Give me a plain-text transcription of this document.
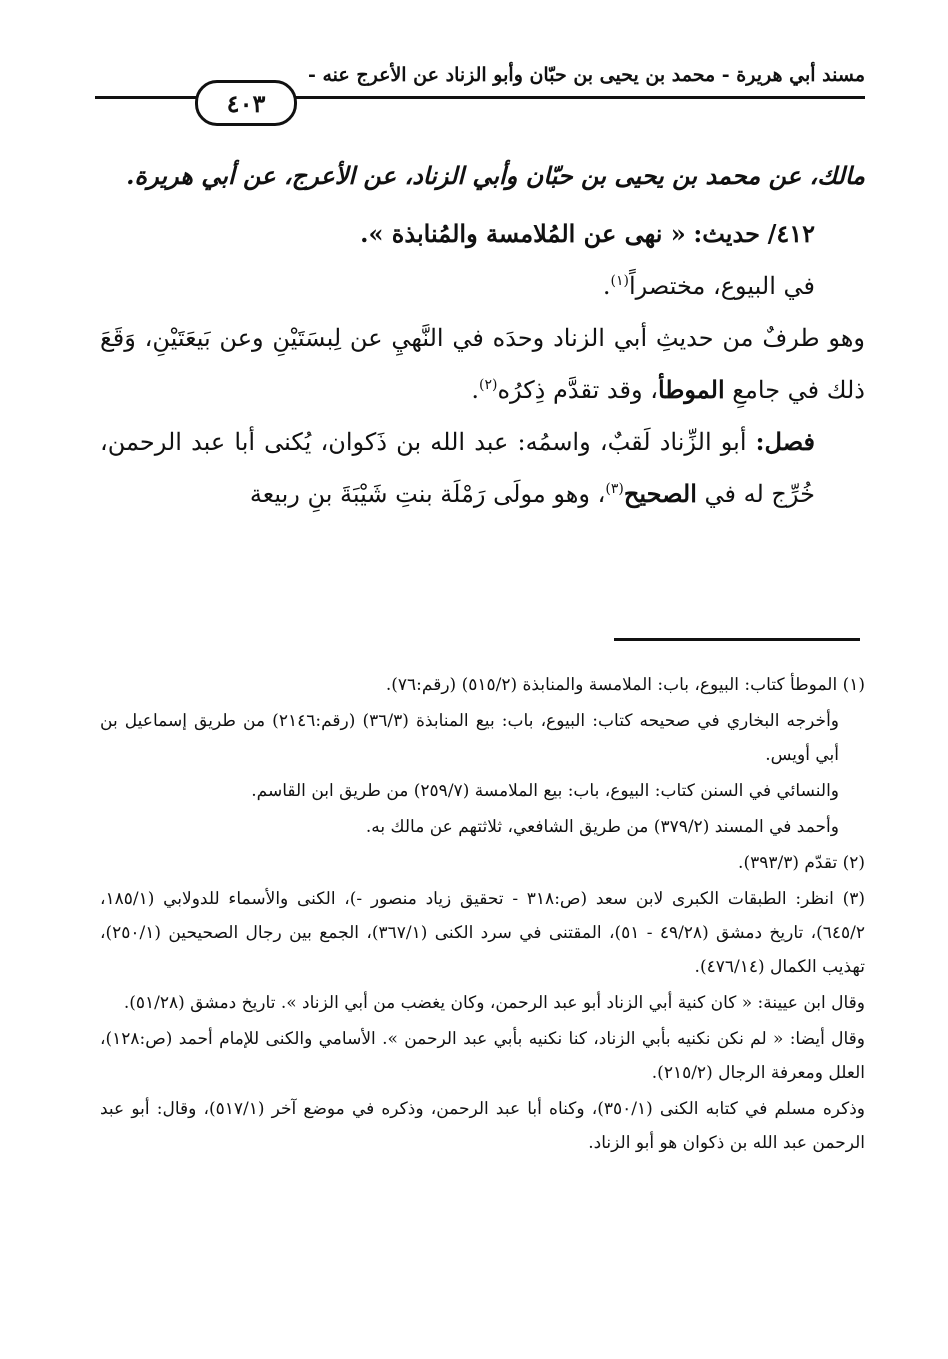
مسند أبي هريرة - محمد بن يحيى بن حبّان وأبو الزناد عن الأعرج عنه -
٤٠٣

مالك، عن محمد بن يحيى بن حبّان وأبي الزناد، عن الأعرج، عن أبي هريرة.

٤١٢/ حديث: « نهى عن المُلامسة والمُنابذة ».

في البيوع، مختصراً$^{(١)}$.

وهو طرفٌ من حديثِ أبي الزناد وحدَه في النَّهيِ عن لِبسَتَيْنِ وعن بَيعَتَيْنِ، وَقَعَ ذلك في جامعِ الموطأ، وقد تقدَّم ذِكرُه$^{(٢)}$.

فصل: أبو الزِّناد لَقبٌ، واسمُه: عبد الله بن ذَكوان، يُكنى أبا عبد الرحمن، خُرِّج له في الصحيح$^{(٣)}$، وهو مولَى رَمْلَة بنتِ شَيْبَةَ بنِ ربيعة

(١) الموطأ كتاب: البيوع، باب: الملامسة والمنابذة (٥١٥/٢) (رقم:٧٦).

وأخرجه البخاري في صحيحه كتاب: البيوع، باب: بيع المنابذة (٣٦/٣) (رقم:٢١٤٦) من طريق إسماعيل بن أبي أويس.

والنسائي في السنن كتاب: البيوع، باب: بيع الملامسة (٢٥٩/٧) من طريق ابن القاسم.

وأحمد في المسند (٣٧٩/٢) من طريق الشافعي، ثلاثتهم عن مالك به.

(٢) تقدّم (٣٩٣/٣).

(٣) انظر: الطبقات الكبرى لابن سعد (ص:٣١٨ - تحقيق زياد منصور -)، الكنى والأسماء للدولابي (١٨٥/١، ٦٤٥/٢)، تاريخ دمشق (٤٩/٢٨ - ٥١)، المقتنى في سرد الكنى (٣٦٧/١)، الجمع بين رجال الصحيحين (٢٥٠/١)، تهذيب الكمال (٤٧٦/١٤).

وقال ابن عيينة: « كان كنية أبي الزناد أبو عبد الرحمن، وكان يغضب من أبي الزناد ». تاريخ دمشق (٥١/٢٨).

وقال أيضا: « لم نكن نكنيه بأبي الزناد، كنا نكنيه بأبي عبد الرحمن ». الأسامي والكنى للإمام أحمد (ص:١٢٨)، العلل ومعرفة الرجال (٢١٥/٢).

وذكره مسلم في كتابه الكنى (٣٥٠/١)، وكناه أبا عبد الرحمن، وذكره في موضع آخر (٥١٧/١)، وقال: أبو عبد الرحمن عبد الله بن ذكوان هو أبو الزناد.
